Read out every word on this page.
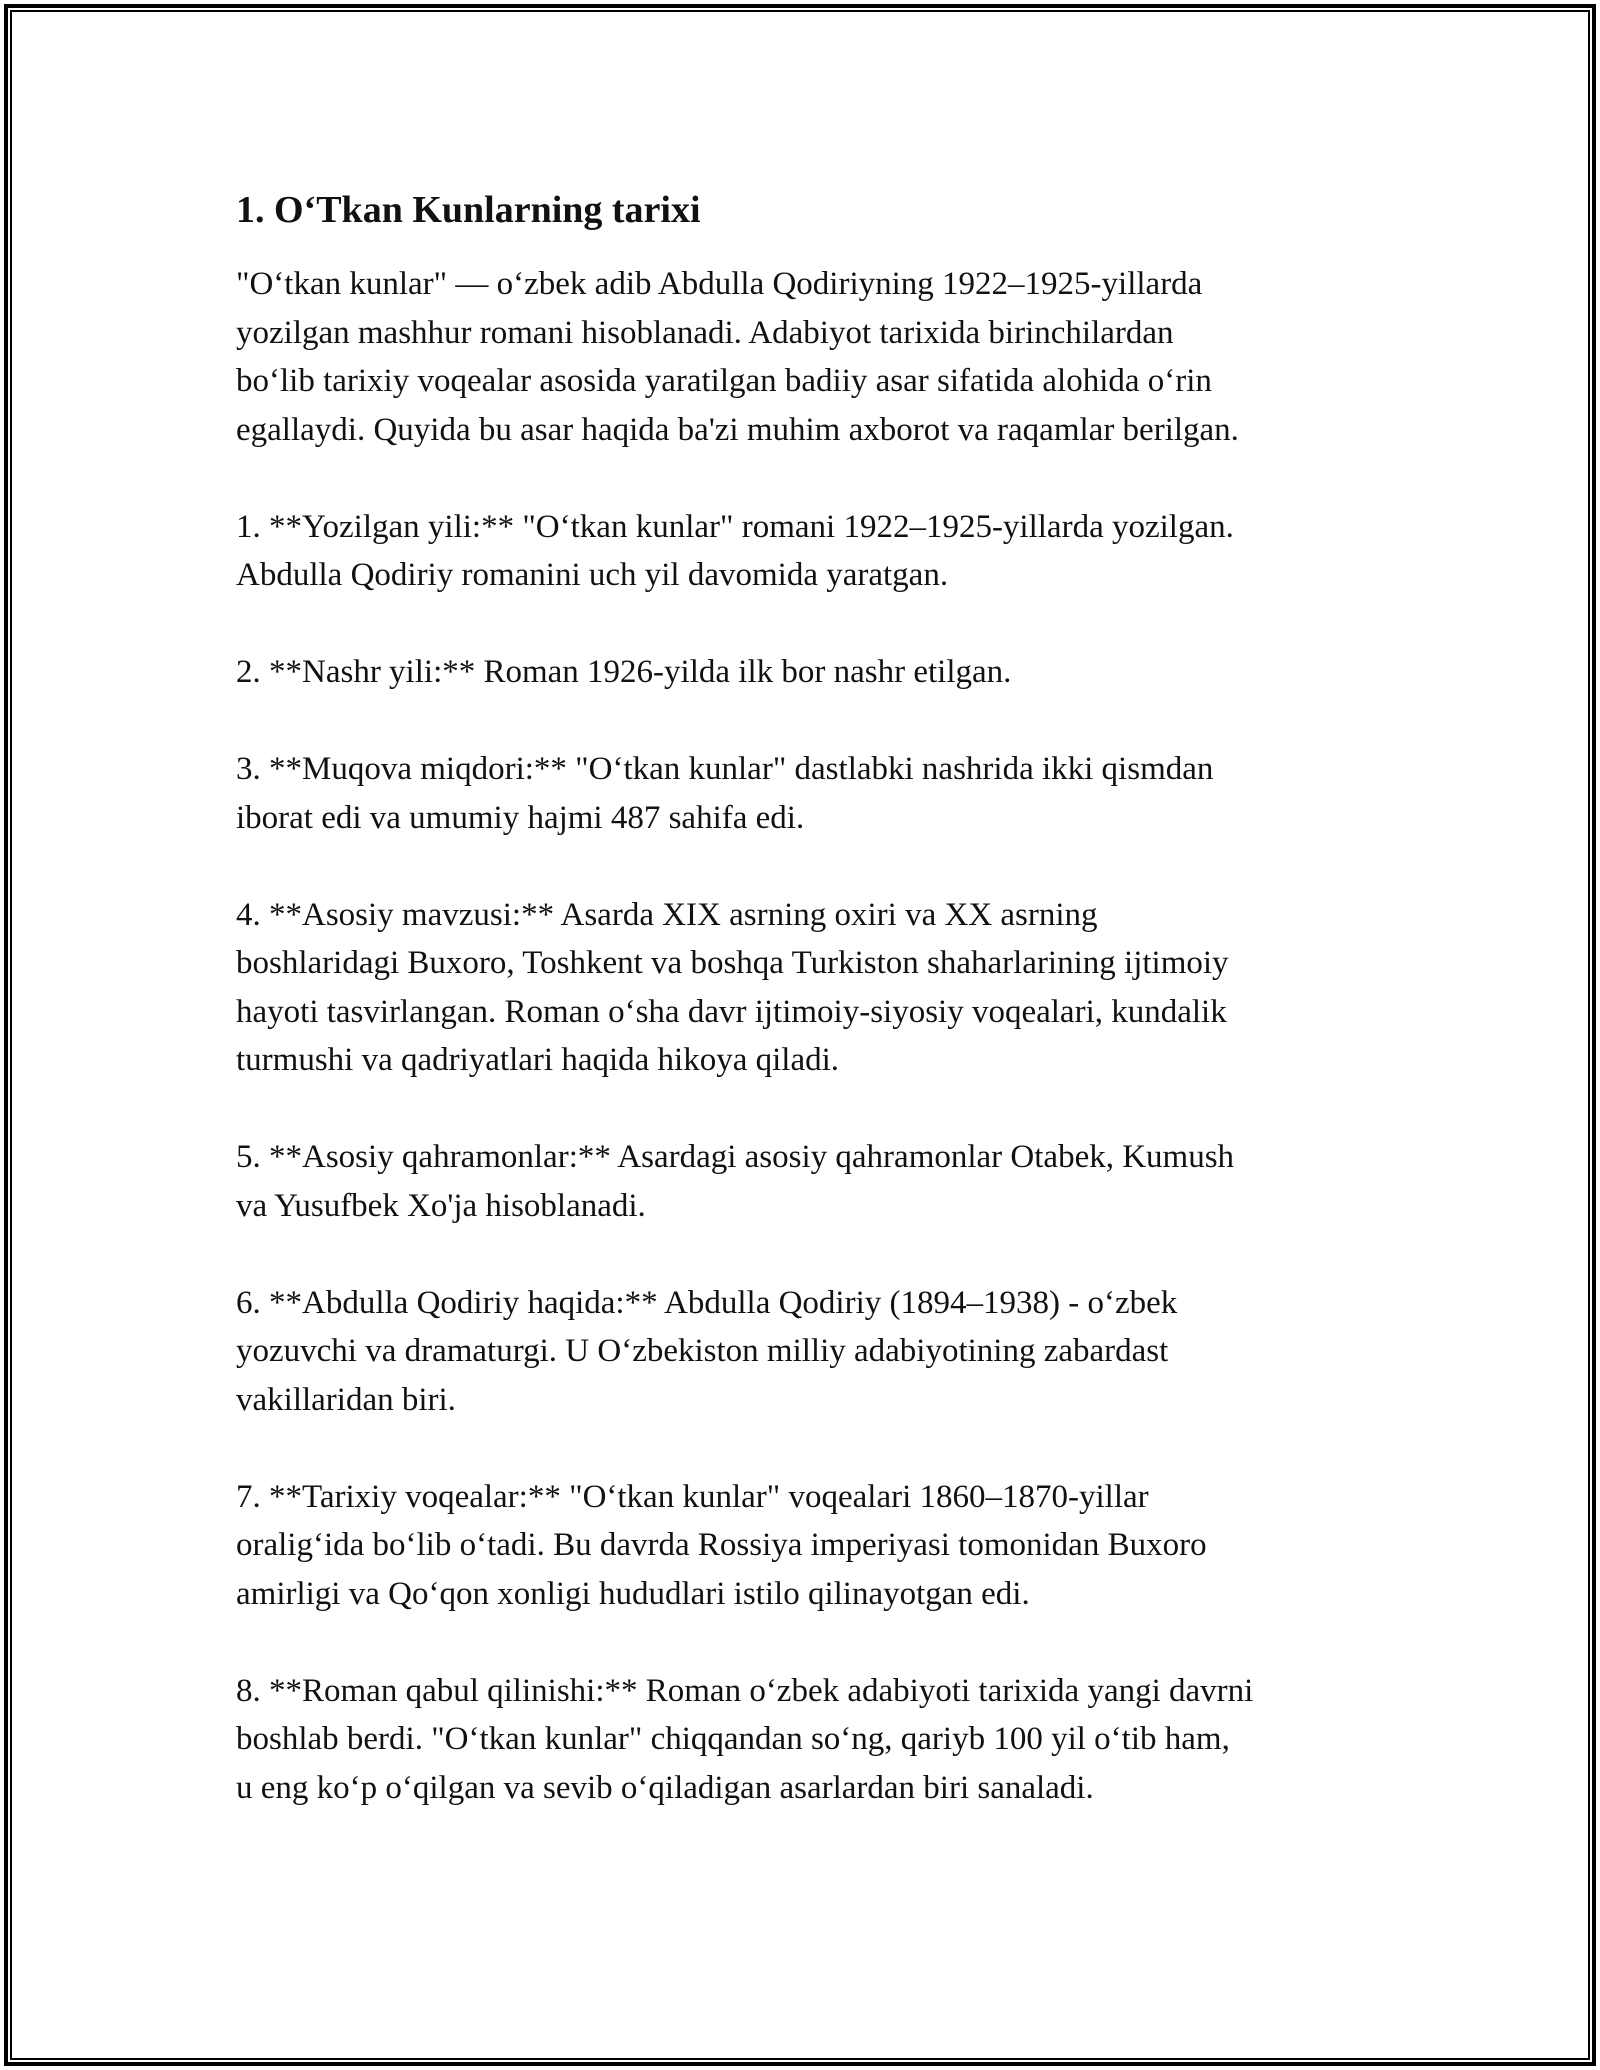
1. O‘Tkan Kunlarning tarixi
"O‘tkan kunlar" — o‘zbek adib Abdulla Qodiriyning 1922–1925-yillarda
yozilgan mashhur romani hisoblanadi. Adabiyot tarixida birinchilardan
bo‘lib tarixiy voqealar asosida yaratilgan badiiy asar sifatida alohida o‘rin
egallaydi. Quyida bu asar haqida ba'zi muhim axborot va raqamlar berilgan.
1. **Yozilgan yili:** "O‘tkan kunlar" romani 1922–1925-yillarda yozilgan.
Abdulla Qodiriy romanini uch yil davomida yaratgan.
2. **Nashr yili:** Roman 1926-yilda ilk bor nashr etilgan.
3. **Muqova miqdori:** "O‘tkan kunlar" dastlabki nashrida ikki qismdan
iborat edi va umumiy hajmi 487 sahifa edi.
4. **Asosiy mavzusi:** Asarda XIX asrning oxiri va XX asrning
boshlaridagi Buxoro, Toshkent va boshqa Turkiston shaharlarining ijtimoiy
hayoti tasvirlangan. Roman o‘sha davr ijtimoiy-siyosiy voqealari, kundalik
turmushi va qadriyatlari haqida hikoya qiladi.
5. **Asosiy qahramonlar:** Asardagi asosiy qahramonlar Otabek, Kumush
va Yusufbek Xo'ja hisoblanadi.
6. **Abdulla Qodiriy haqida:** Abdulla Qodiriy (1894–1938) - o‘zbek
yozuvchi va dramaturgi. U O‘zbekiston milliy adabiyotining zabardast
vakillaridan biri.
7. **Tarixiy voqealar:** "O‘tkan kunlar" voqealari 1860–1870-yillar
oralig‘ida bo‘lib o‘tadi. Bu davrda Rossiya imperiyasi tomonidan Buxoro
amirligi va Qo‘qon xonligi hududlari istilo qilinayotgan edi.
8. **Roman qabul qilinishi:** Roman o‘zbek adabiyoti tarixida yangi davrni
boshlab berdi. "O‘tkan kunlar" chiqqandan so‘ng, qariyb 100 yil o‘tib ham,
u eng ko‘p o‘qilgan va sevib o‘qiladigan asarlardan biri sanaladi.
